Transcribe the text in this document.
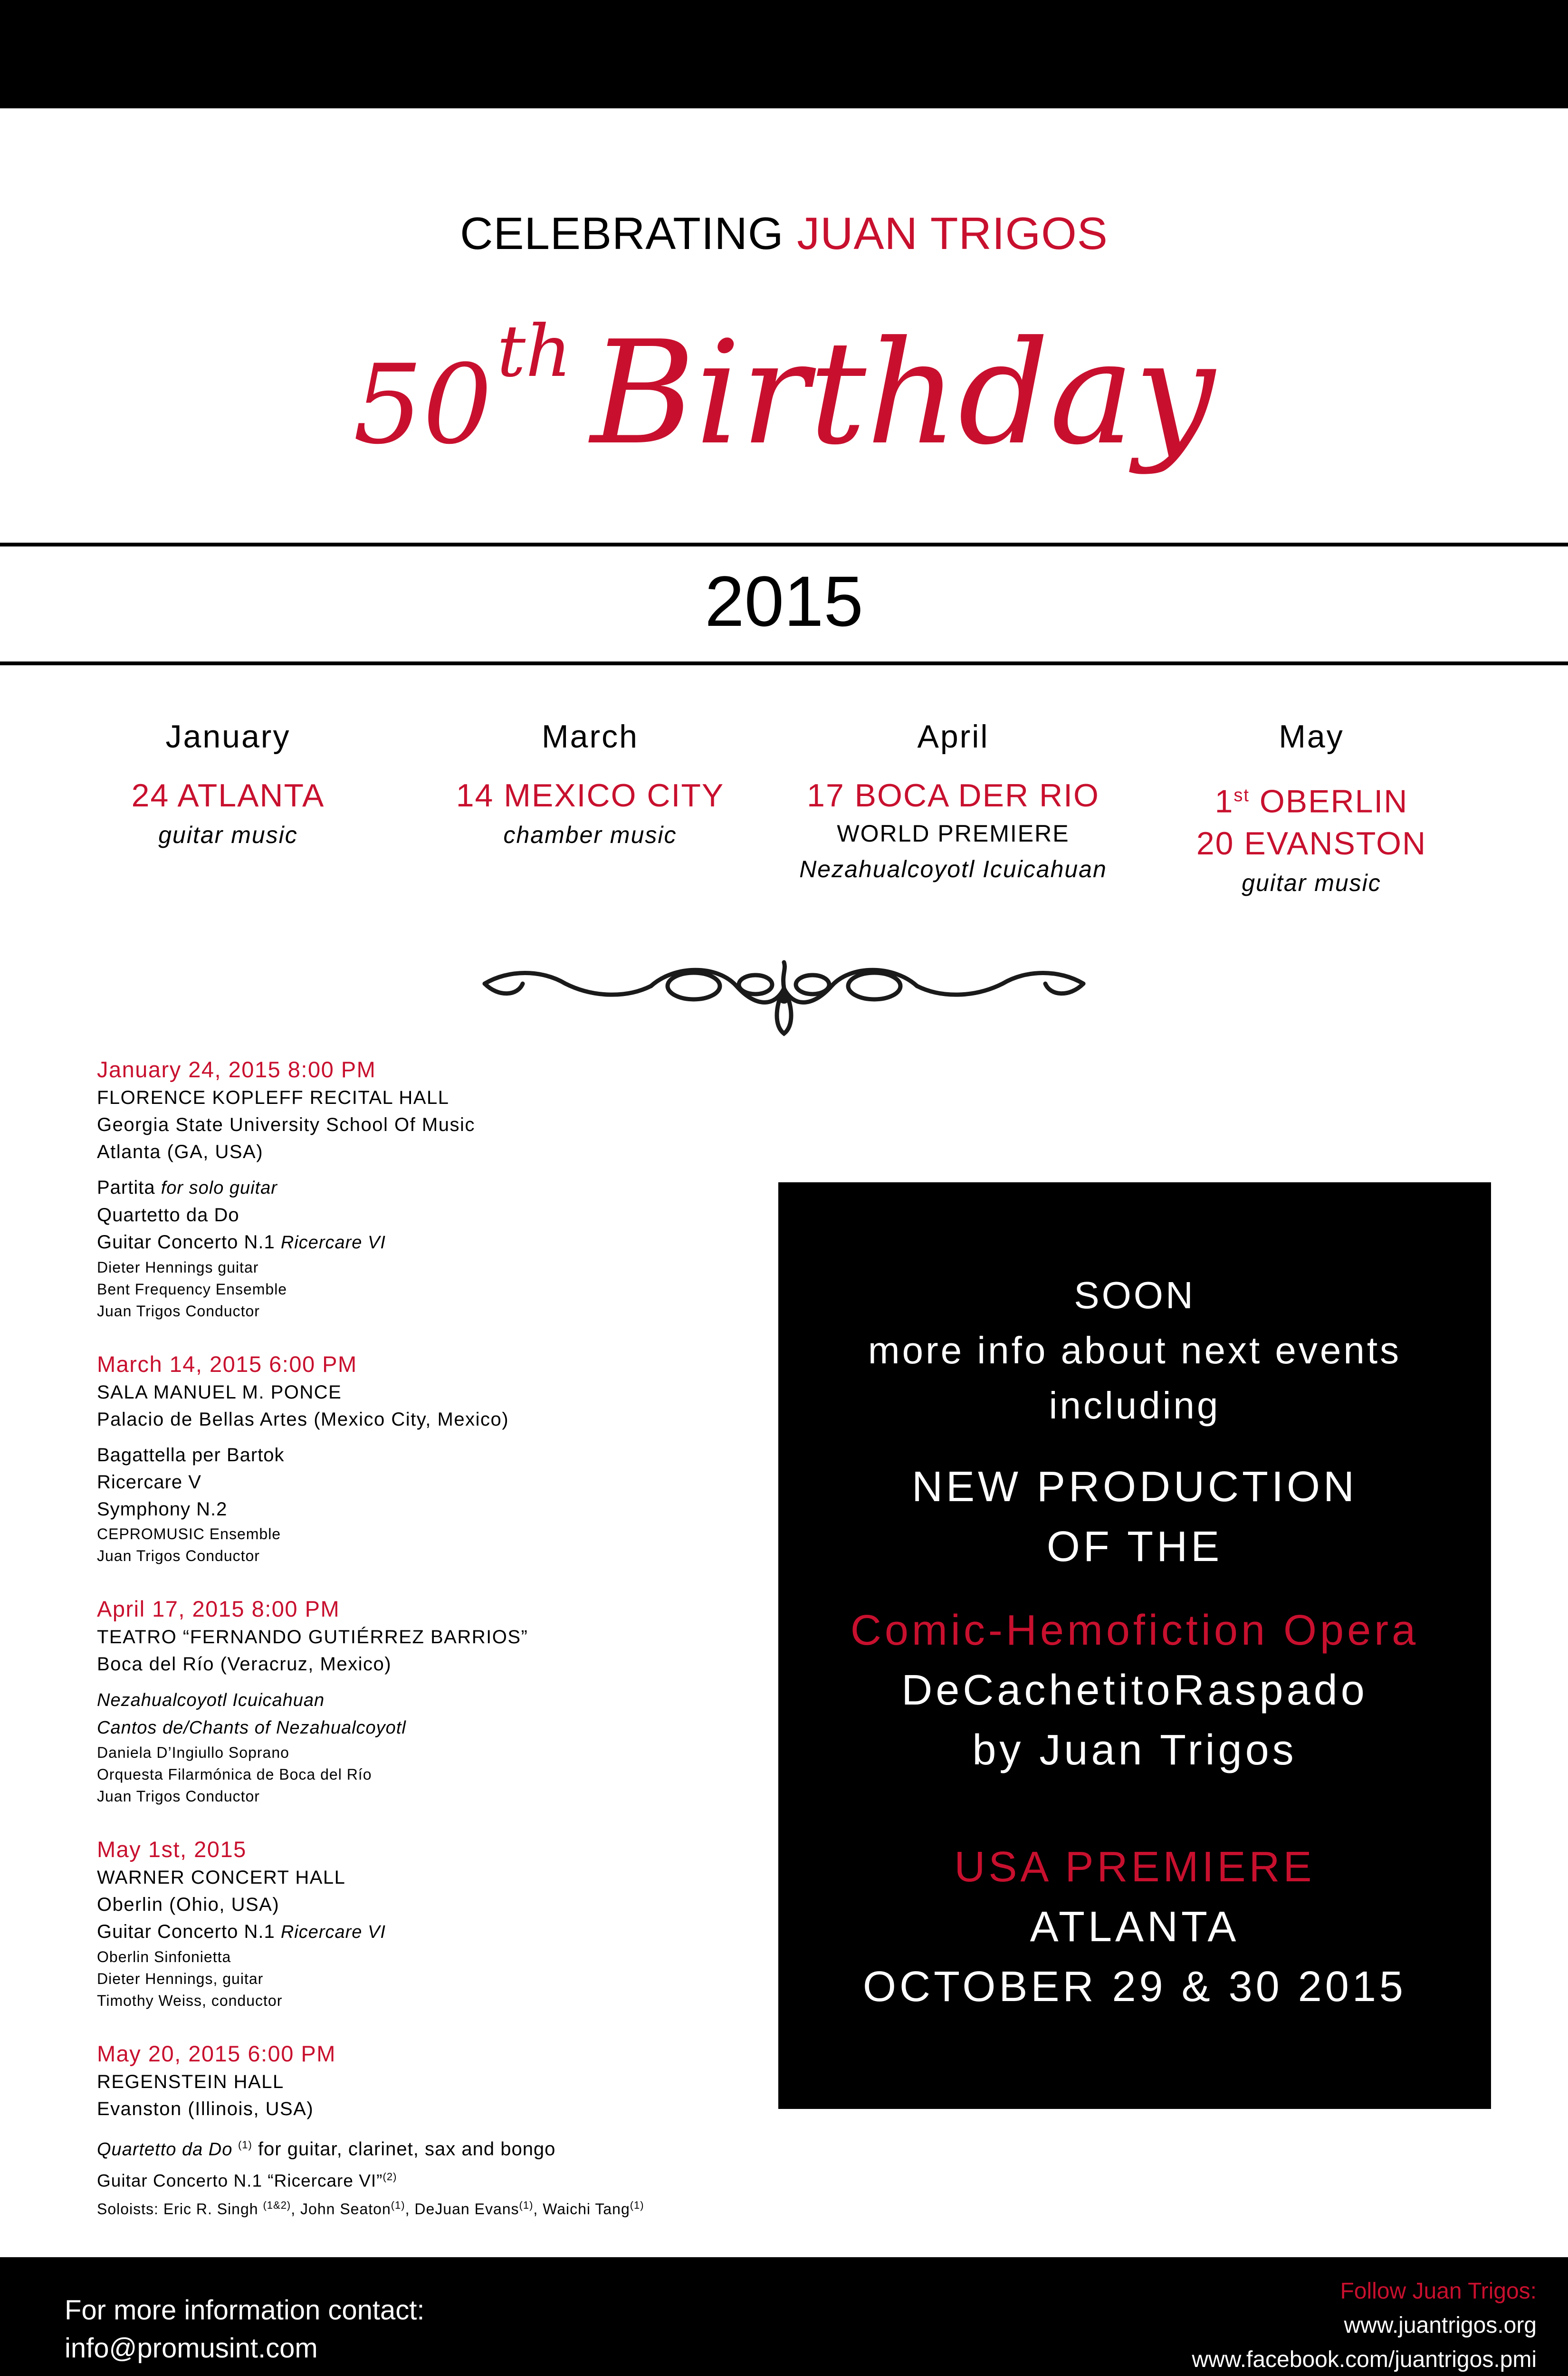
CELEBRATING JUAN TRIGOS
50th Birthday
2015
January
24 ATLANTA
guitar music
March
14 MEXICO CITY
chamber music
April
17 BOCA DER RIO
WORLD PREMIERE
Nezahualcoyotl Icuicahuan
May
1st OBERLIN
20 EVANSTON
guitar music
January 24, 2015 8:00 PM
FLORENCE KOPLEFF RECITAL HALL
Georgia State University School Of Music
Atlanta (GA, USA)
Partita for solo guitar
Quartetto da Do
Guitar Concerto N.1 Ricercare VI
Dieter Hennings guitar
Bent Frequency Ensemble
Juan Trigos Conductor
March 14, 2015 6:00 PM
SALA MANUEL M. PONCE
Palacio de Bellas Artes (Mexico City, Mexico)
Bagattella per Bartok
Ricercare V
Symphony N.2
CEPROMUSIC Ensemble
Juan Trigos Conductor
April 17, 2015 8:00 PM
TEATRO “FERNANDO GUTIÉRREZ BARRIOS”
Boca del Río (Veracruz, Mexico)
Nezahualcoyotl Icuicahuan
Cantos de/Chants of Nezahualcoyotl
Daniela D’Ingiullo Soprano
Orquesta Filarmónica de Boca del Río
Juan Trigos Conductor
May 1st, 2015
WARNER CONCERT HALL
Oberlin (Ohio, USA)
Guitar Concerto N.1 Ricercare VI
Oberlin Sinfonietta
Dieter Hennings, guitar
Timothy Weiss, conductor
May 20, 2015 6:00 PM
REGENSTEIN HALL
Evanston (Illinois, USA)
Quartetto da Do $^{(1)}$ for guitar, clarinet, sax and bongo
Guitar Concerto N.1 “Ricercare VI”$^{(2)}$
Soloists: Eric R. Singh $^{(1\&2)}$, John Seaton$^{(1)}$, DeJuan Evans$^{(1)}$, Waichi Tang$^{(1)}$
SOON
more info about next events
including
NEW PRODUCTION
OF THE
Comic-Hemofiction Opera
DeCachetitoRaspado
by Juan Trigos
USA PREMIERE
ATLANTA
OCTOBER 29 & 30 2015
For more information contact:
info@promusint.com
Follow Juan Trigos:
www.juantrigos.org
www.facebook.com/juantrigos.pmi
